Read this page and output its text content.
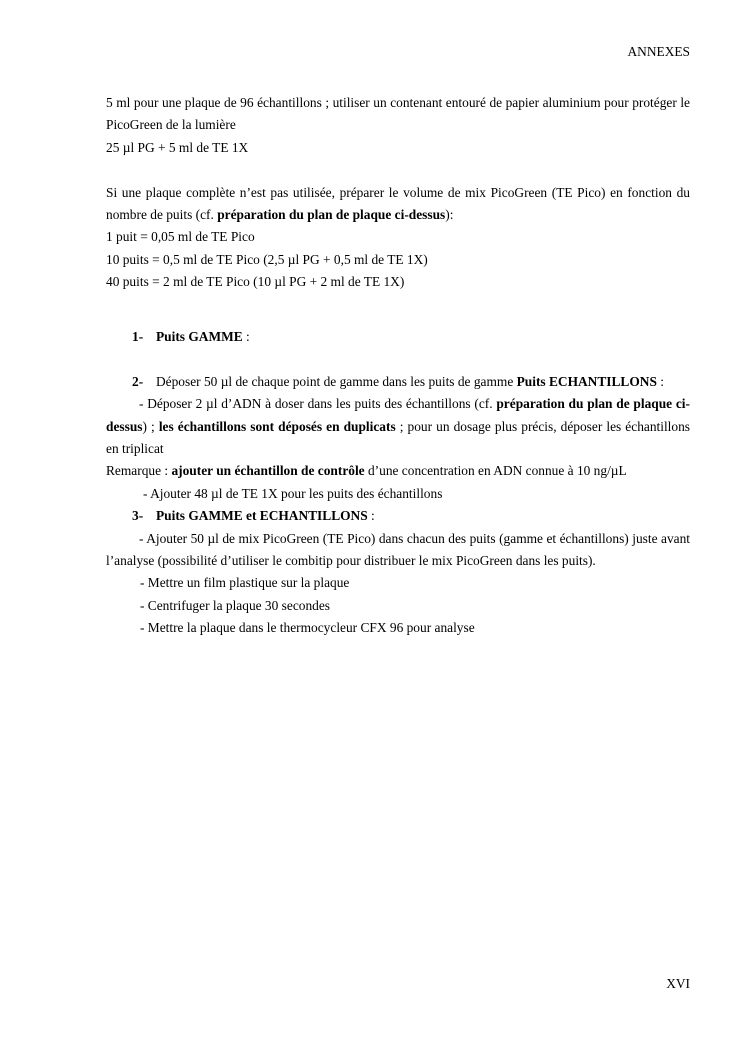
ANNEXES

5 ml pour une plaque de 96 échantillons ; utiliser un contenant entouré de papier aluminium pour protéger le PicoGreen de la lumière

25 µl PG + 5 ml de TE 1X

Si une plaque complète n’est pas utilisée, préparer le volume de mix PicoGreen (TE Pico) en fonction du nombre de puits (cf. préparation du plan de plaque ci-dessus):

1 puit = 0,05 ml de TE Pico

10 puits = 0,5 ml de TE Pico (2,5 µl PG + 0,5 ml de TE 1X)

40 puits = 2 ml de TE Pico (10 µl PG + 2 ml de TE 1X)

1- Puits GAMME :
2- Déposer 50 µl de chaque point de gamme dans les puits de gamme Puits ECHANTILLONS :

- Déposer 2 µl d’ADN à doser dans les puits des échantillons (cf. préparation du plan de plaque ci-dessus) ; les échantillons sont déposés en duplicats ; pour un dosage plus précis, déposer les échantillons en triplicat

Remarque : ajouter un échantillon de contrôle d’une concentration en ADN connue à 10 ng/µL

- Ajouter 48 µl de TE 1X pour les puits des échantillons

3- Puits GAMME et ECHANTILLONS :

- Ajouter 50 µl de mix PicoGreen (TE Pico) dans chacun des puits (gamme et échantillons) juste avant l’analyse (possibilité d’utiliser le combitip pour distribuer le mix PicoGreen dans les puits).

- Mettre un film plastique sur la plaque

- Centrifuger la plaque 30 secondes

- Mettre la plaque dans le thermocycleur CFX 96 pour analyse

XVI
